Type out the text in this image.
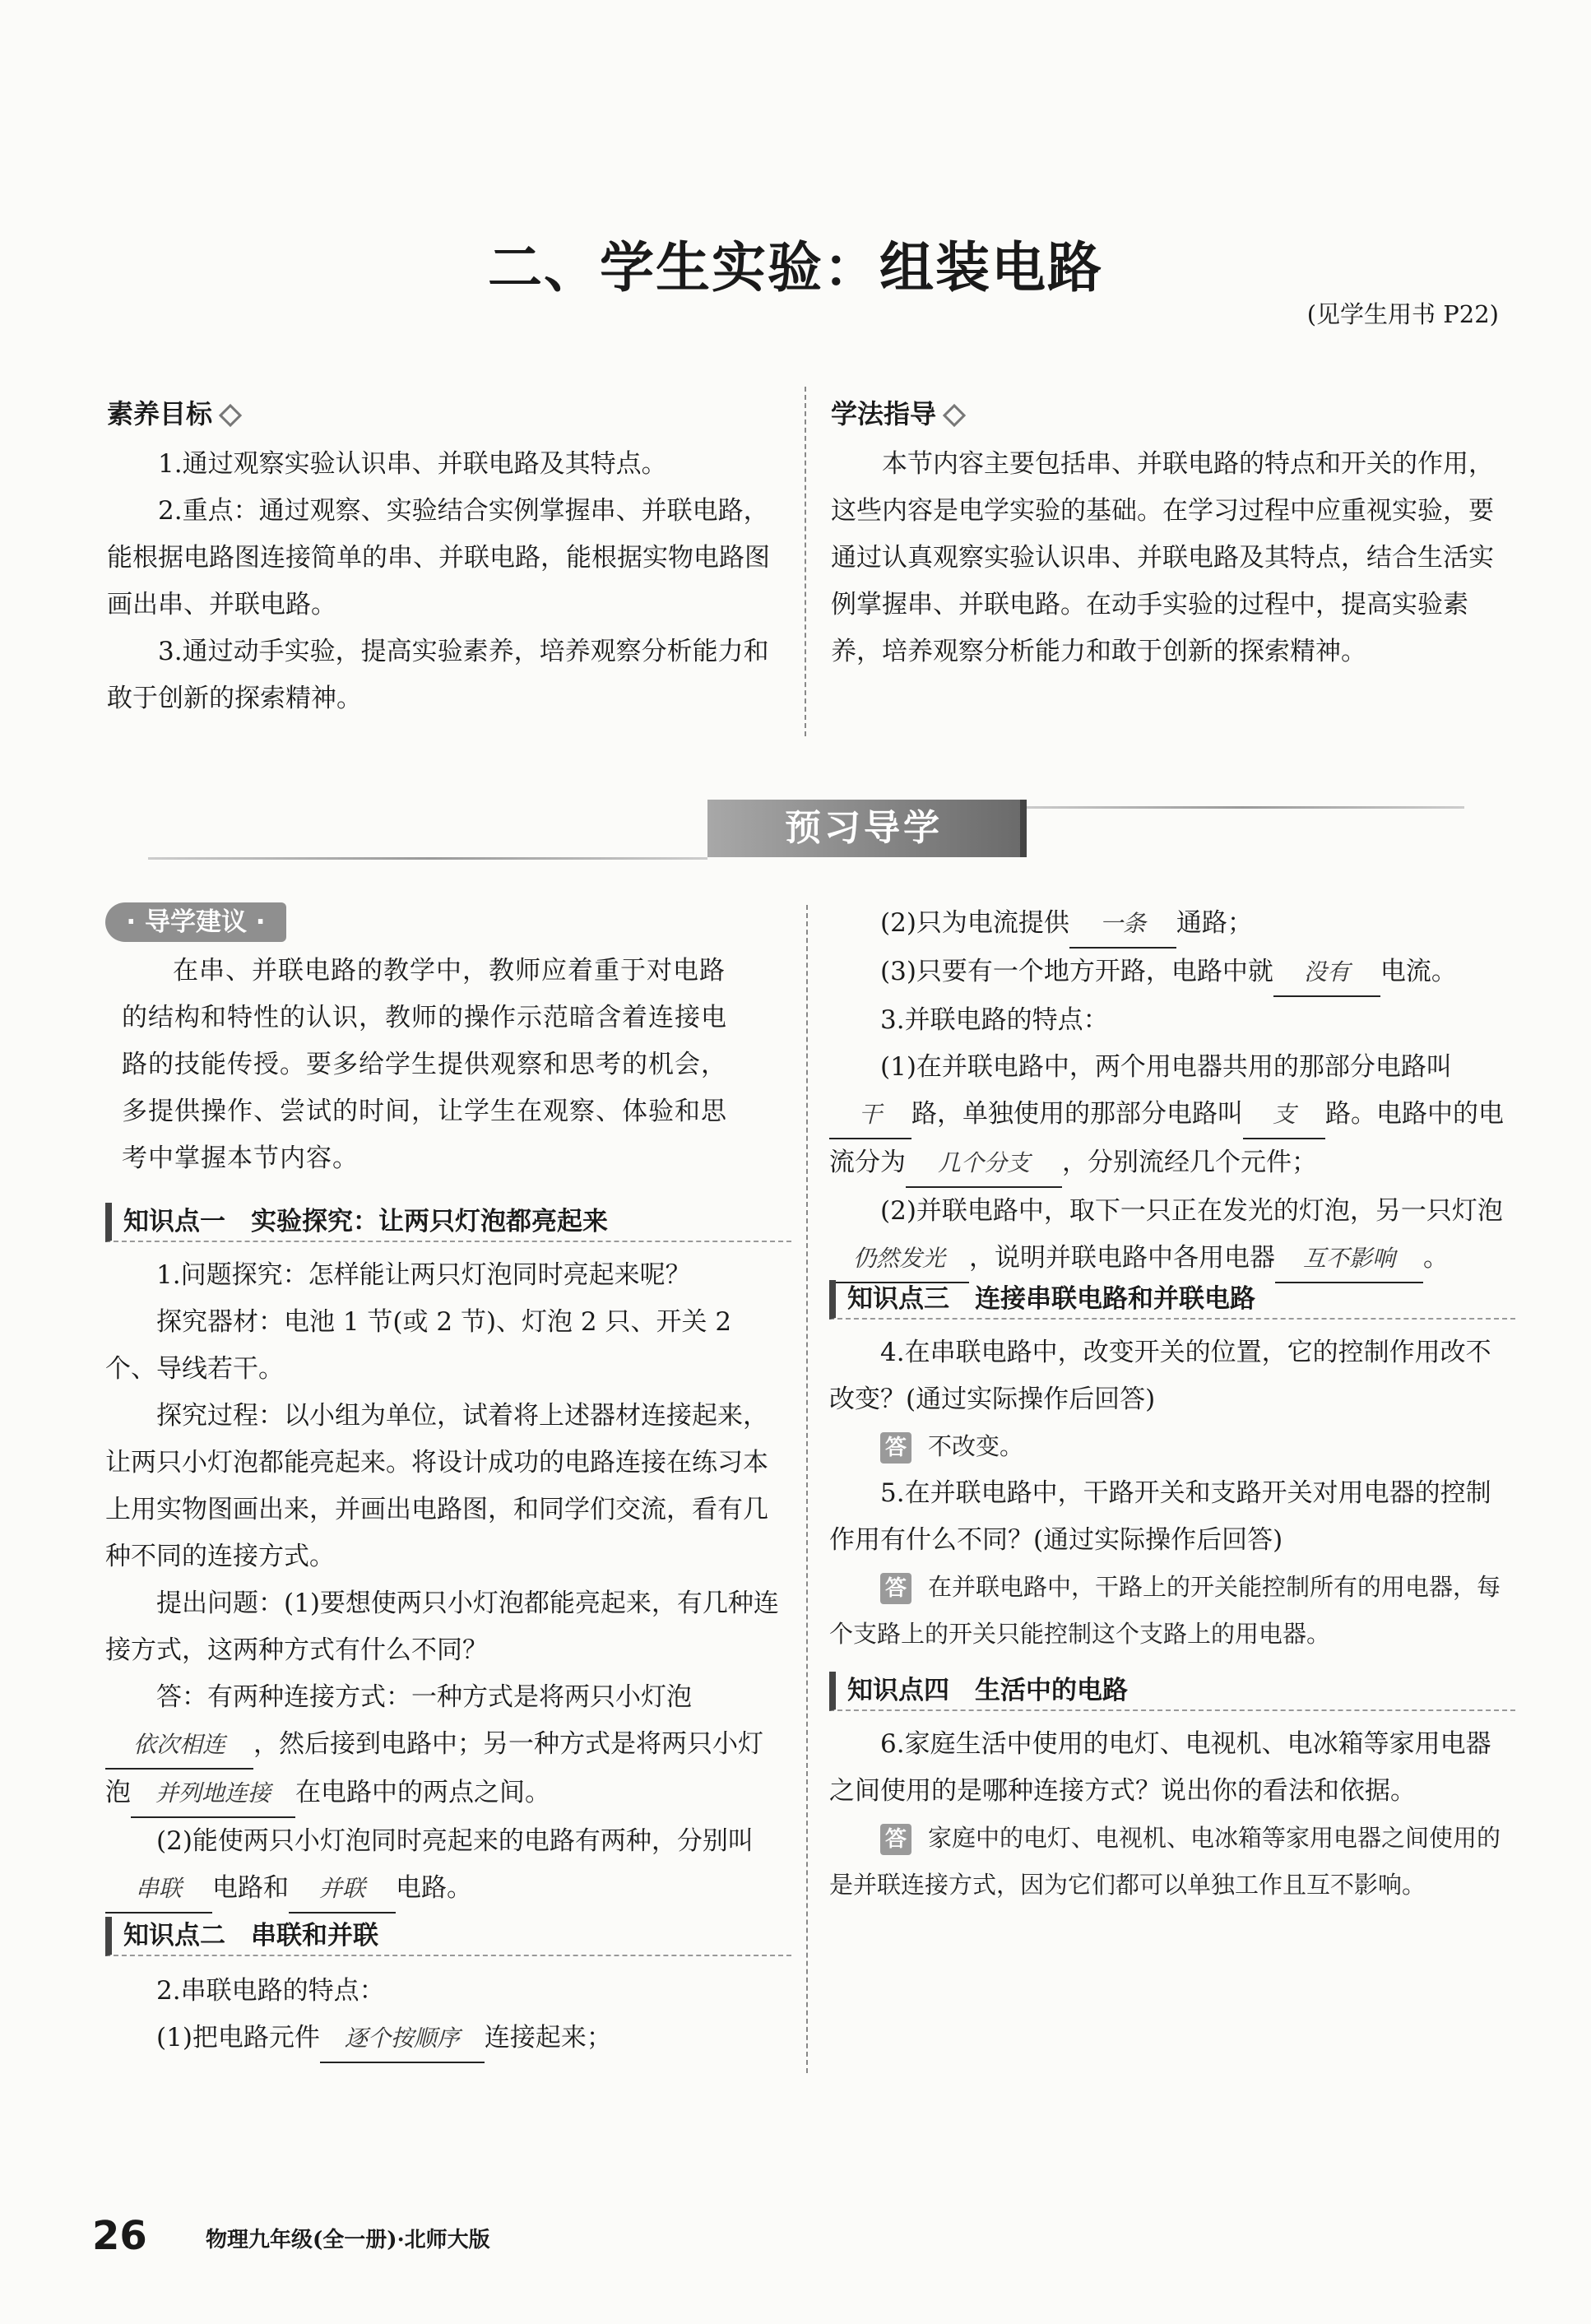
二、学生实验：组装电路
(见学生用书 P22)
素养目标

1.通过观察实验认识串、并联电路及其特点。

2.重点：通过观察、实验结合实例掌握串、并联电路，能根据电路图连接简单的串、并联电路，能根据实物电路图画出串、并联电路。

3.通过动手实验，提高实验素养，培养观察分析能力和敢于创新的探索精神。

学法指导

本节内容主要包括串、并联电路的特点和开关的作用，这些内容是电学实验的基础。在学习过程中应重视实验，要通过认真观察实验认识串、并联电路及其特点，结合生活实例掌握串、并联电路。在动手实验的过程中，提高实验素养，培养观察分析能力和敢于创新的探索精神。

预习导学
· 导学建议 ·

在串、并联电路的教学中，教师应着重于对电路的结构和特性的认识，教师的操作示范暗含着连接电路的技能传授。要多给学生提供观察和思考的机会，多提供操作、尝试的时间，让学生在观察、体验和思考中掌握本节内容。

知识点一　实验探究：让两只灯泡都亮起来

1.问题探究：怎样能让两只灯泡同时亮起来呢？

探究器材：电池 1 节(或 2 节)、灯泡 2 只、开关 2 个、导线若干。

探究过程：以小组为单位，试着将上述器材连接起来，让两只小灯泡都能亮起来。将设计成功的电路连接在练习本上用实物图画出来，并画出电路图，和同学们交流，看有几种不同的连接方式。

提出问题：(1)要想使两只小灯泡都能亮起来，有几种连接方式，这两种方式有什么不同？

答：有两种连接方式：一种方式是将两只小灯泡依次相连 ，然后接到电路中；另一种方式是将两只小灯泡 并列地连接 在电路中的两点之间。

(2)能使两只小灯泡同时亮起来的电路有两种，分别叫串联 电路和 并联 电路。

知识点二　串联和并联

2.串联电路的特点：

(1)把电路元件 逐个按顺序 连接起来；

(2)只为电流提供 一条 通路；

(3)只要有一个地方开路，电路中就 没有 电流。

3.并联电路的特点：

(1)在并联电路中，两个用电器共用的那部分电路叫干 路，单独使用的那部分电路叫 支 路。电路中的电流分为 几个分支 ，分别流经几个元件；

(2)并联电路中，取下一只正在发光的灯泡，另一只灯泡仍然发光 ，说明并联电路中各用电器 互不影响 。

知识点三　连接串联电路和并联电路

4.在串联电路中，改变开关的位置，它的控制作用改不改变？(通过实际操作后回答)

答 不改变。

5.在并联电路中，干路开关和支路开关对用电器的控制作用有什么不同？(通过实际操作后回答)

答 在并联电路中，干路上的开关能控制所有的用电器，每个支路上的开关只能控制这个支路上的用电器。

知识点四　生活中的电路

6.家庭生活中使用的电灯、电视机、电冰箱等家用电器之间使用的是哪种连接方式？说出你的看法和依据。

答 家庭中的电灯、电视机、电冰箱等家用电器之间使用的是并联连接方式，因为它们都可以单独工作且互不影响。

26	物理九年级(全一册)·北师大版
